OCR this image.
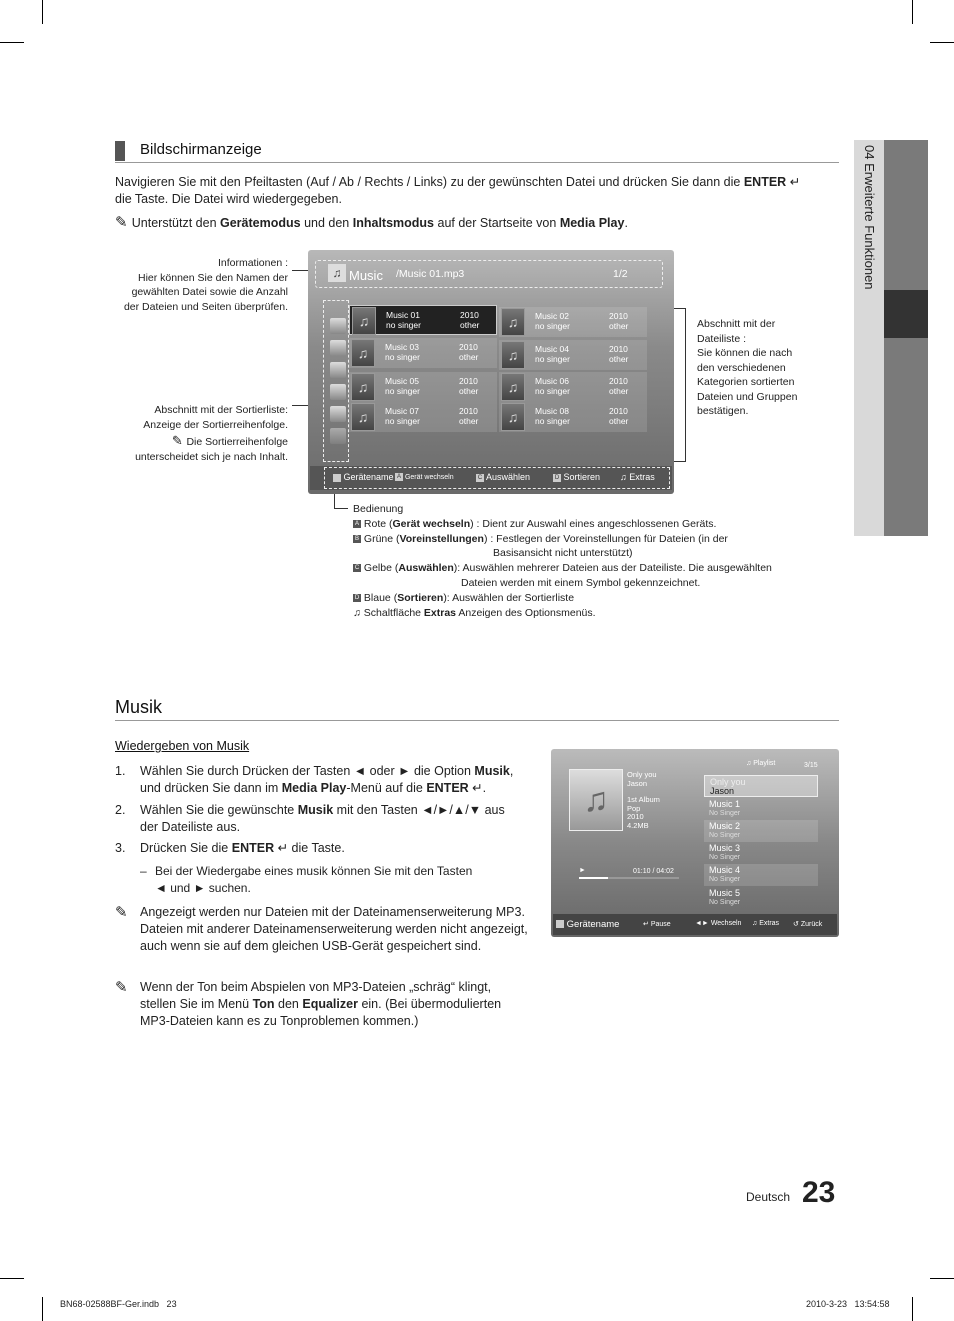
04 Erweiterte Funktionen
Bildschirmanzeige
Navigieren Sie mit den Pfeiltasten (Auf / Ab / Rechts / Links) zu der gewünschten Datei und drücken Sie dann die ENTER ↵
die Taste. Die Datei wird wiedergegeben.
✎ Unterstützt den Gerätemodus und den Inhaltsmodus auf der Startseite von Media Play.
Informationen :
Hier können Sie den Namen der gewählten Datei sowie die Anzahl der Dateien und Seiten überprüfen.
Abschnitt mit der Sortierliste:
Anzeige der Sortierreihenfolge.
✎ Die Sortierreihenfolge unterscheidet sich je nach Inhalt.
Abschnitt mit der Dateiliste :
Sie können die nach den verschiedenen Kategorien sortierten Dateien und Gruppen bestätigen.
♫ Music /Music 01.mp3	1/2
♫	Music 01
no singer
2010
other	♫	Music 02
no singer
2010
other
♫	Music 03
no singer
2010
other	♫	Music 04
no singer
2010
other
♫	Music 05
no singer
2010
other	♫	Music 06
no singer
2010
other
♫	Music 07
no singer
2010
other	♫	Music 08
no singer
2010
other
Gerätename A Gerät wechseln	C Auswählen	D Sortieren ♫ Extras
Bedienung
A Rote (Gerät wechseln) : Dient zur Auswahl eines angeschlossenen Geräts.
B Grüne (Voreinstellungen) : Festlegen der Voreinstellungen für Dateien (in der
Basisansicht nicht unterstützt)
C Gelbe (Auswählen): Auswählen mehrerer Dateien aus der Dateiliste. Die ausgewählten
Dateien werden mit einem Symbol gekennzeichnet.
D Blaue (Sortieren): Auswählen der Sortierliste
♫ Schaltfläche Extras Anzeigen des Optionsmenüs.
Musik
Wiedergeben von Musik
1.	Wählen Sie durch Drücken der Tasten ◄ oder ► die Option Musik,
und drücken Sie dann im Media Play-Menü auf die ENTER ↵.
2.	Wählen Sie die gewünschte Musik mit den Tasten ◄/►/▲/▼ aus
der Dateiliste aus.
3.	Drücken Sie die ENTER ↵ die Taste.
– Bei der Wiedergabe eines musik können Sie mit den Tasten
◄ und ► suchen.
✎ Angezeigt werden nur Dateien mit der Dateinamenserweiterung MP3. Dateien mit anderer Dateinamenserweiterung werden nicht angezeigt, auch wenn sie auf dem gleichen USB-Gerät gespeichert sind.
✎ Wenn der Ton beim Abspielen von MP3-Dateien „schräg“ klingt,
stellen Sie im Menü Ton den Equalizer ein. (Bei übermodulierten
MP3-Dateien kann es zu Tonproblemen kommen.)
♫
Only you
Jason
1st Album
Pop
2010
4.2MB
►	01:10 / 04:02
♫ Playlist	3/15
Only you
Jason
Music 1
No Singer
Music 2
No Singer
Music 3
No Singer
Music 4
No Singer
Music 5
No Singer
Gerätename	↵ Pause	◄► Wechseln ♫ Extras ↺ Zurück
Deutsch 23
BN68-02588BF-Ger.indb   23	2010-3-23   13:54:58
